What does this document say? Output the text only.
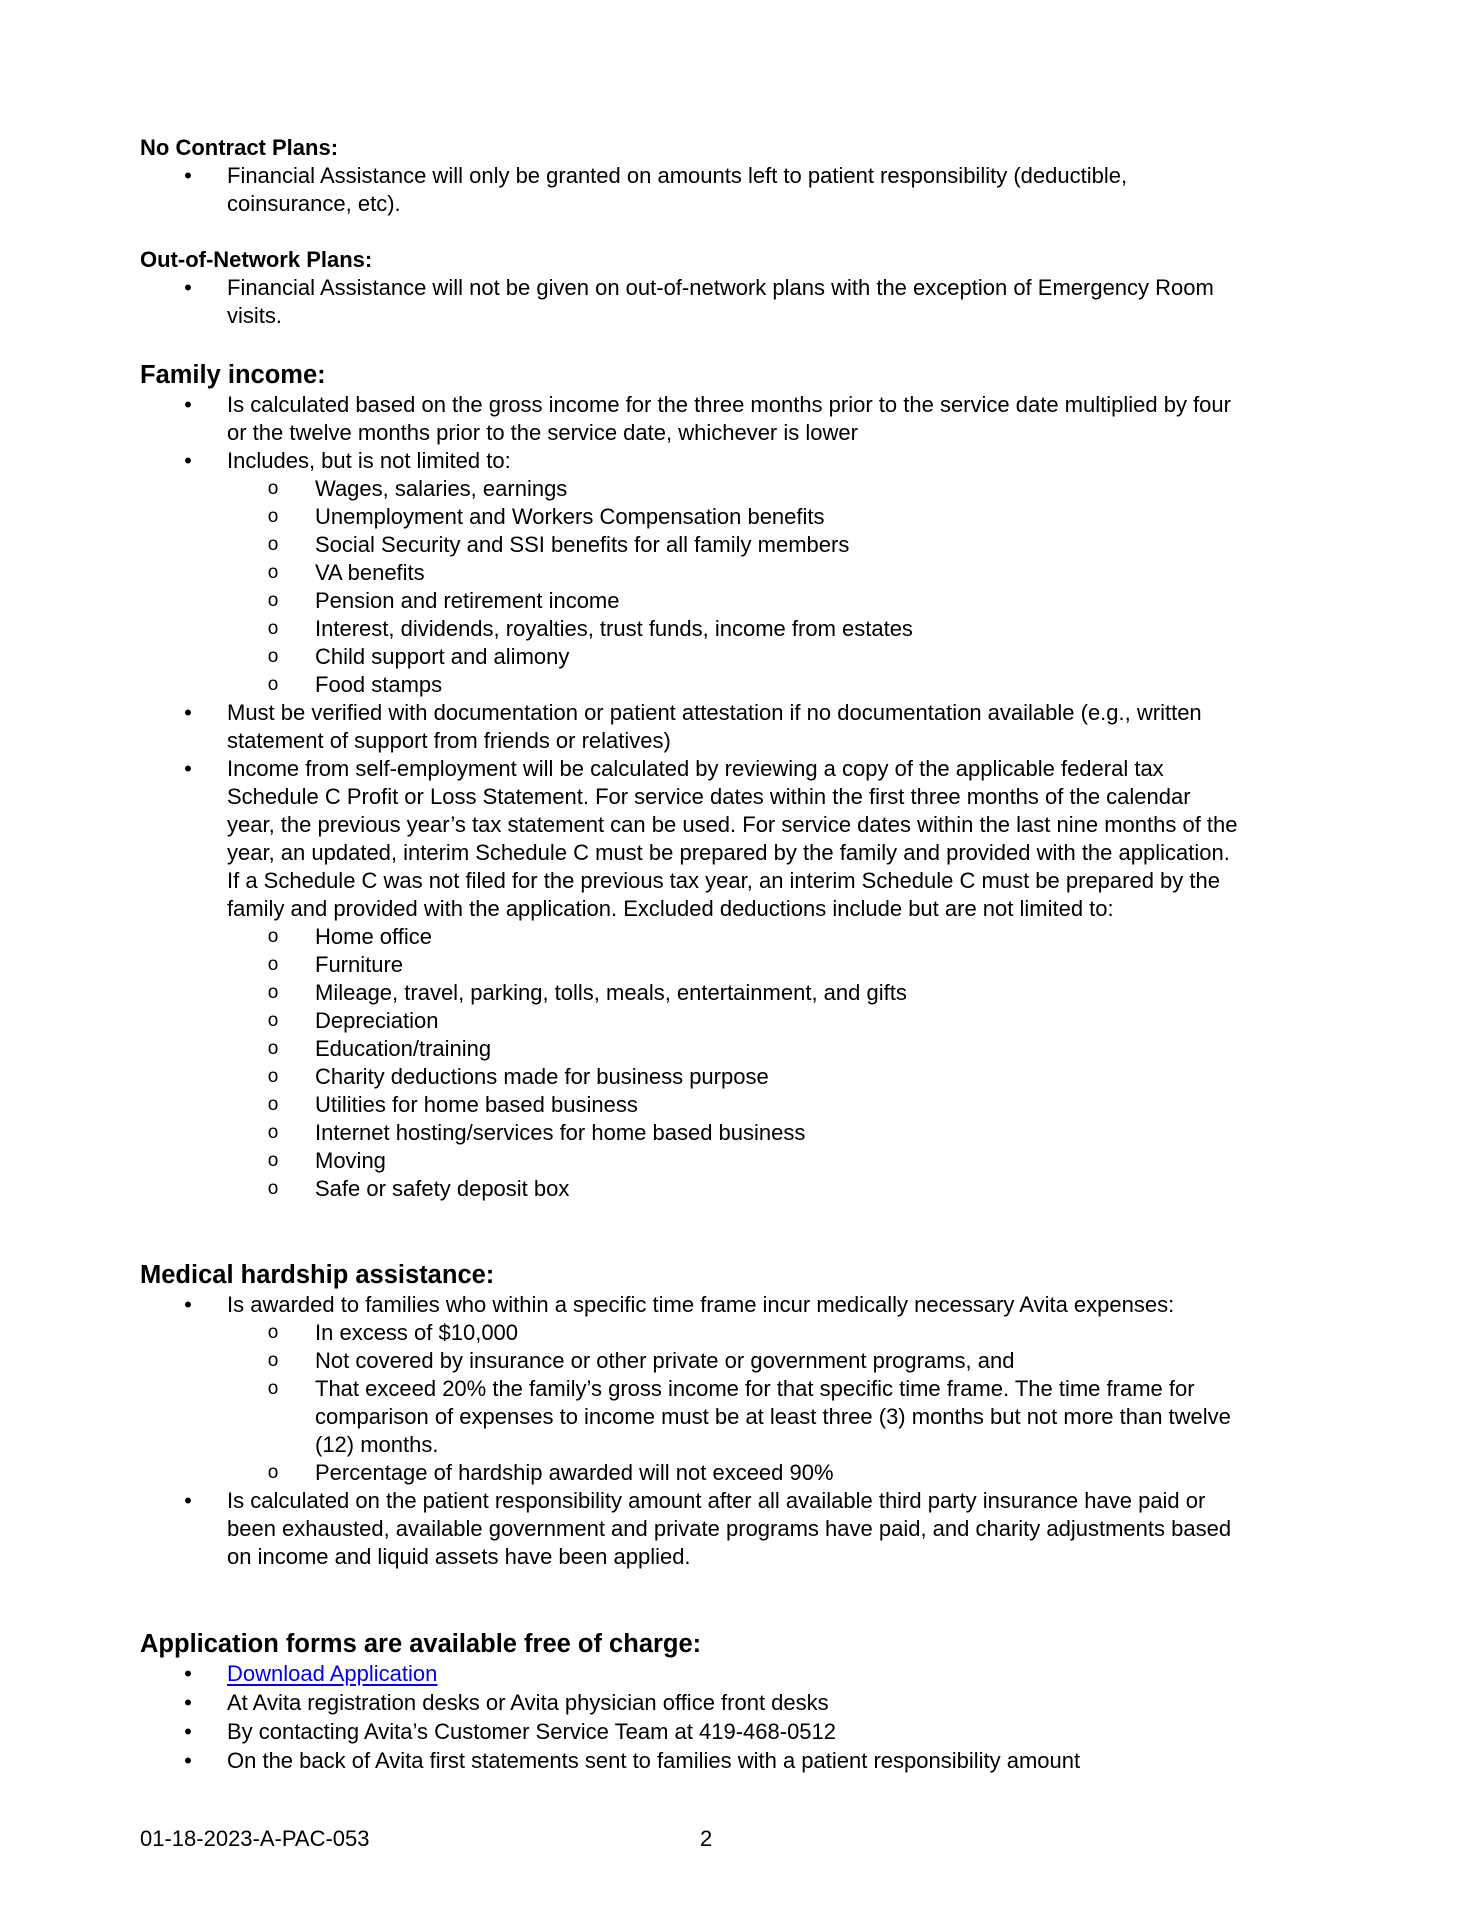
No Contract Plans:
• Financial Assistance will only be granted on amounts left to patient responsibility (deductible,
coinsurance, etc).
Out-of-Network Plans:
• Financial Assistance will not be given on out-of-network plans with the exception of Emergency Room
visits.
Family income:
• Is calculated based on the gross income for the three months prior to the service date multiplied by four
or the twelve months prior to the service date, whichever is lower
• Includes, but is not limited to:
o Wages, salaries, earnings
o Unemployment and Workers Compensation benefits
o Social Security and SSI benefits for all family members
o VA benefits
o Pension and retirement income
o Interest, dividends, royalties, trust funds, income from estates
o Child support and alimony
o Food stamps
• Must be verified with documentation or patient attestation if no documentation available (e.g., written
statement of support from friends or relatives)
• Income from self-employment will be calculated by reviewing a copy of the applicable federal tax
Schedule C Profit or Loss Statement. For service dates within the first three months of the calendar
year, the previous year’s tax statement can be used. For service dates within the last nine months of the
year, an updated, interim Schedule C must be prepared by the family and provided with the application.
If a Schedule C was not filed for the previous tax year, an interim Schedule C must be prepared by the
family and provided with the application. Excluded deductions include but are not limited to:
o Home office
o Furniture
o Mileage, travel, parking, tolls, meals, entertainment, and gifts
o Depreciation
o Education/training
o Charity deductions made for business purpose
o Utilities for home based business
o Internet hosting/services for home based business
o Moving
o Safe or safety deposit box
Medical hardship assistance:
• Is awarded to families who within a specific time frame incur medically necessary Avita expenses:
o In excess of $10,000
o Not covered by insurance or other private or government programs, and
o That exceed 20% the family’s gross income for that specific time frame. The time frame for
comparison of expenses to income must be at least three (3) months but not more than twelve
(12) months.
o Percentage of hardship awarded will not exceed 90%
• Is calculated on the patient responsibility amount after all available third party insurance have paid or
been exhausted, available government and private programs have paid, and charity adjustments based
on income and liquid assets have been applied.
Application forms are available free of charge:
• Download Application
• At Avita registration desks or Avita physician office front desks
• By contacting Avita’s Customer Service Team at 419-468-0512
• On the back of Avita first statements sent to families with a patient responsibility amount
01-18-2023-A-PAC-053	2
